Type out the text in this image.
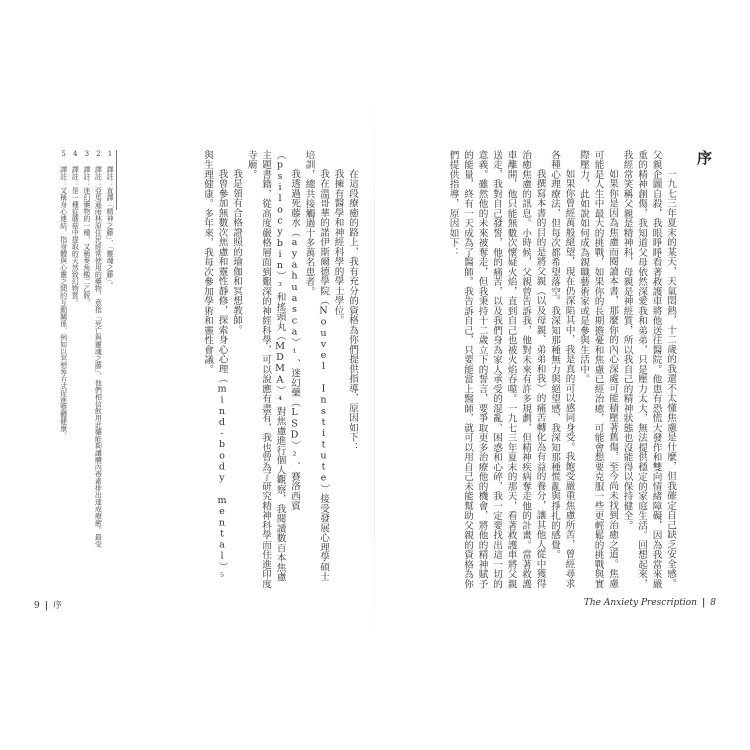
序

一九七三年夏末的某天，天氣悶熱，十二歲的我還不太懂焦慮是什麼，但我確定自己缺乏安全感。父親企圖自殺，我眼睜睜看著救護車將他送往醫院。他患有恐慌大發作和雙向情緒障礙，因為我當來嚴重的精神創傷，我知道父母依然深愛我和弟弟，只是壓力太大，無法提供穩定的家庭生活。回想起來，我經常笑稱父親是精神科，母親是神經質，所以我自己的精神狀態也沒能得以保持健全。

如果你是因為焦慮而閱讀本書，那麼你的內心深處可能積壓著舊傷，至今尚未找到治癒之道。焦慮可能是人生中最大的挑戰，如果你的長期擔憂和焦慮已經治癒，可能會想要克服一些更輕鬆的挑戰與實際壓力，此如說如何成為親職藝術家或是參與生活中。

如果你曾經萬般絕望，現在仍深陷其中，我是真的可以感同身受。我飽受嚴重焦慮所苦，曾經尋求各種心理療法，但每次都希望落空。我深知那種無力與絕望感，我深知那種慌亂與掙扎的感覺。

我撰寫本書的目的是將父親（以及母親、弟弟和我）的痛苦轉化為有益的養分，讓其他人從中獲得治癒焦慮的訊息。小時候，父親曾告訴我，他對未來有許多規劃，但精神疾病奪走他的計畫。當著救護車離開，他只能無數次懷疑火焰，直到自己也被火焰吞噬。一九七三年夏末的那天，看著救護車將父親送走，我對自己發誓，他的痛苦，以及我們身為家人承受的混亂、困惑和心碎，我一定要找出這一切的意義。雖然他的未來被奪走，但我秉持十二歲立下的誓言，要爭取更多治療他的機會，將他的精神賦予的能量，終有一天成為了醫師。我告訴自己，只要能當上醫師，就可以用自己未能幫助父親的資格為你們提供指導，原因如下：

The Anxiety Prescription | 8

在這段療癒的路上，我有充分的資格為你們提供指導，原因如下：

我擁有醫學和神經科學的學士學位。

我在溫哥華的諾伊斯爾德學院（Nouvel Institute）接受發展心理學碩士培訓，總共接觸過十多萬名患者。

我透過死藤水（ayahuasca）¹、迷幻藥（LSD）²、賽洛西賓（psilocybin）³和搖頭丸（MDMA）⁴對焦慮進行個人觀察，我閱讀數百本焦慮主題書籍，從高度嚴格層面到艱深的神經科學，可以說應有盡有，我也曾為了研究精神科學而住進印度寺廟。

我是領有合格證照的瑜伽和冥想教師。

我曾參加無數次焦慮和靈性靜修，探索身心心理（mind-body mental）⁵與生理健康。多年來，我每次參加學術和靈性會議。

1 譯註：直譯「精神之藤」、「靈魂之藤」。

2 譯註：亞馬遜雨林原住民經常使用的藥物，意指「死亡與靈魂之藤」，他們相信飲用此藥能夠讓體內毒素排出達成療癒。最受

3 譯註：迷幻藥物的一種，又稱麥角酸二乙胺。

4 譯註：是一種從蘑菇中提取的天然致幻物質。

5 譯註：又稱身心連結，指身體與心靈之間的互動關係，例如以冥想等方式促進整體健康。

9 | 序
